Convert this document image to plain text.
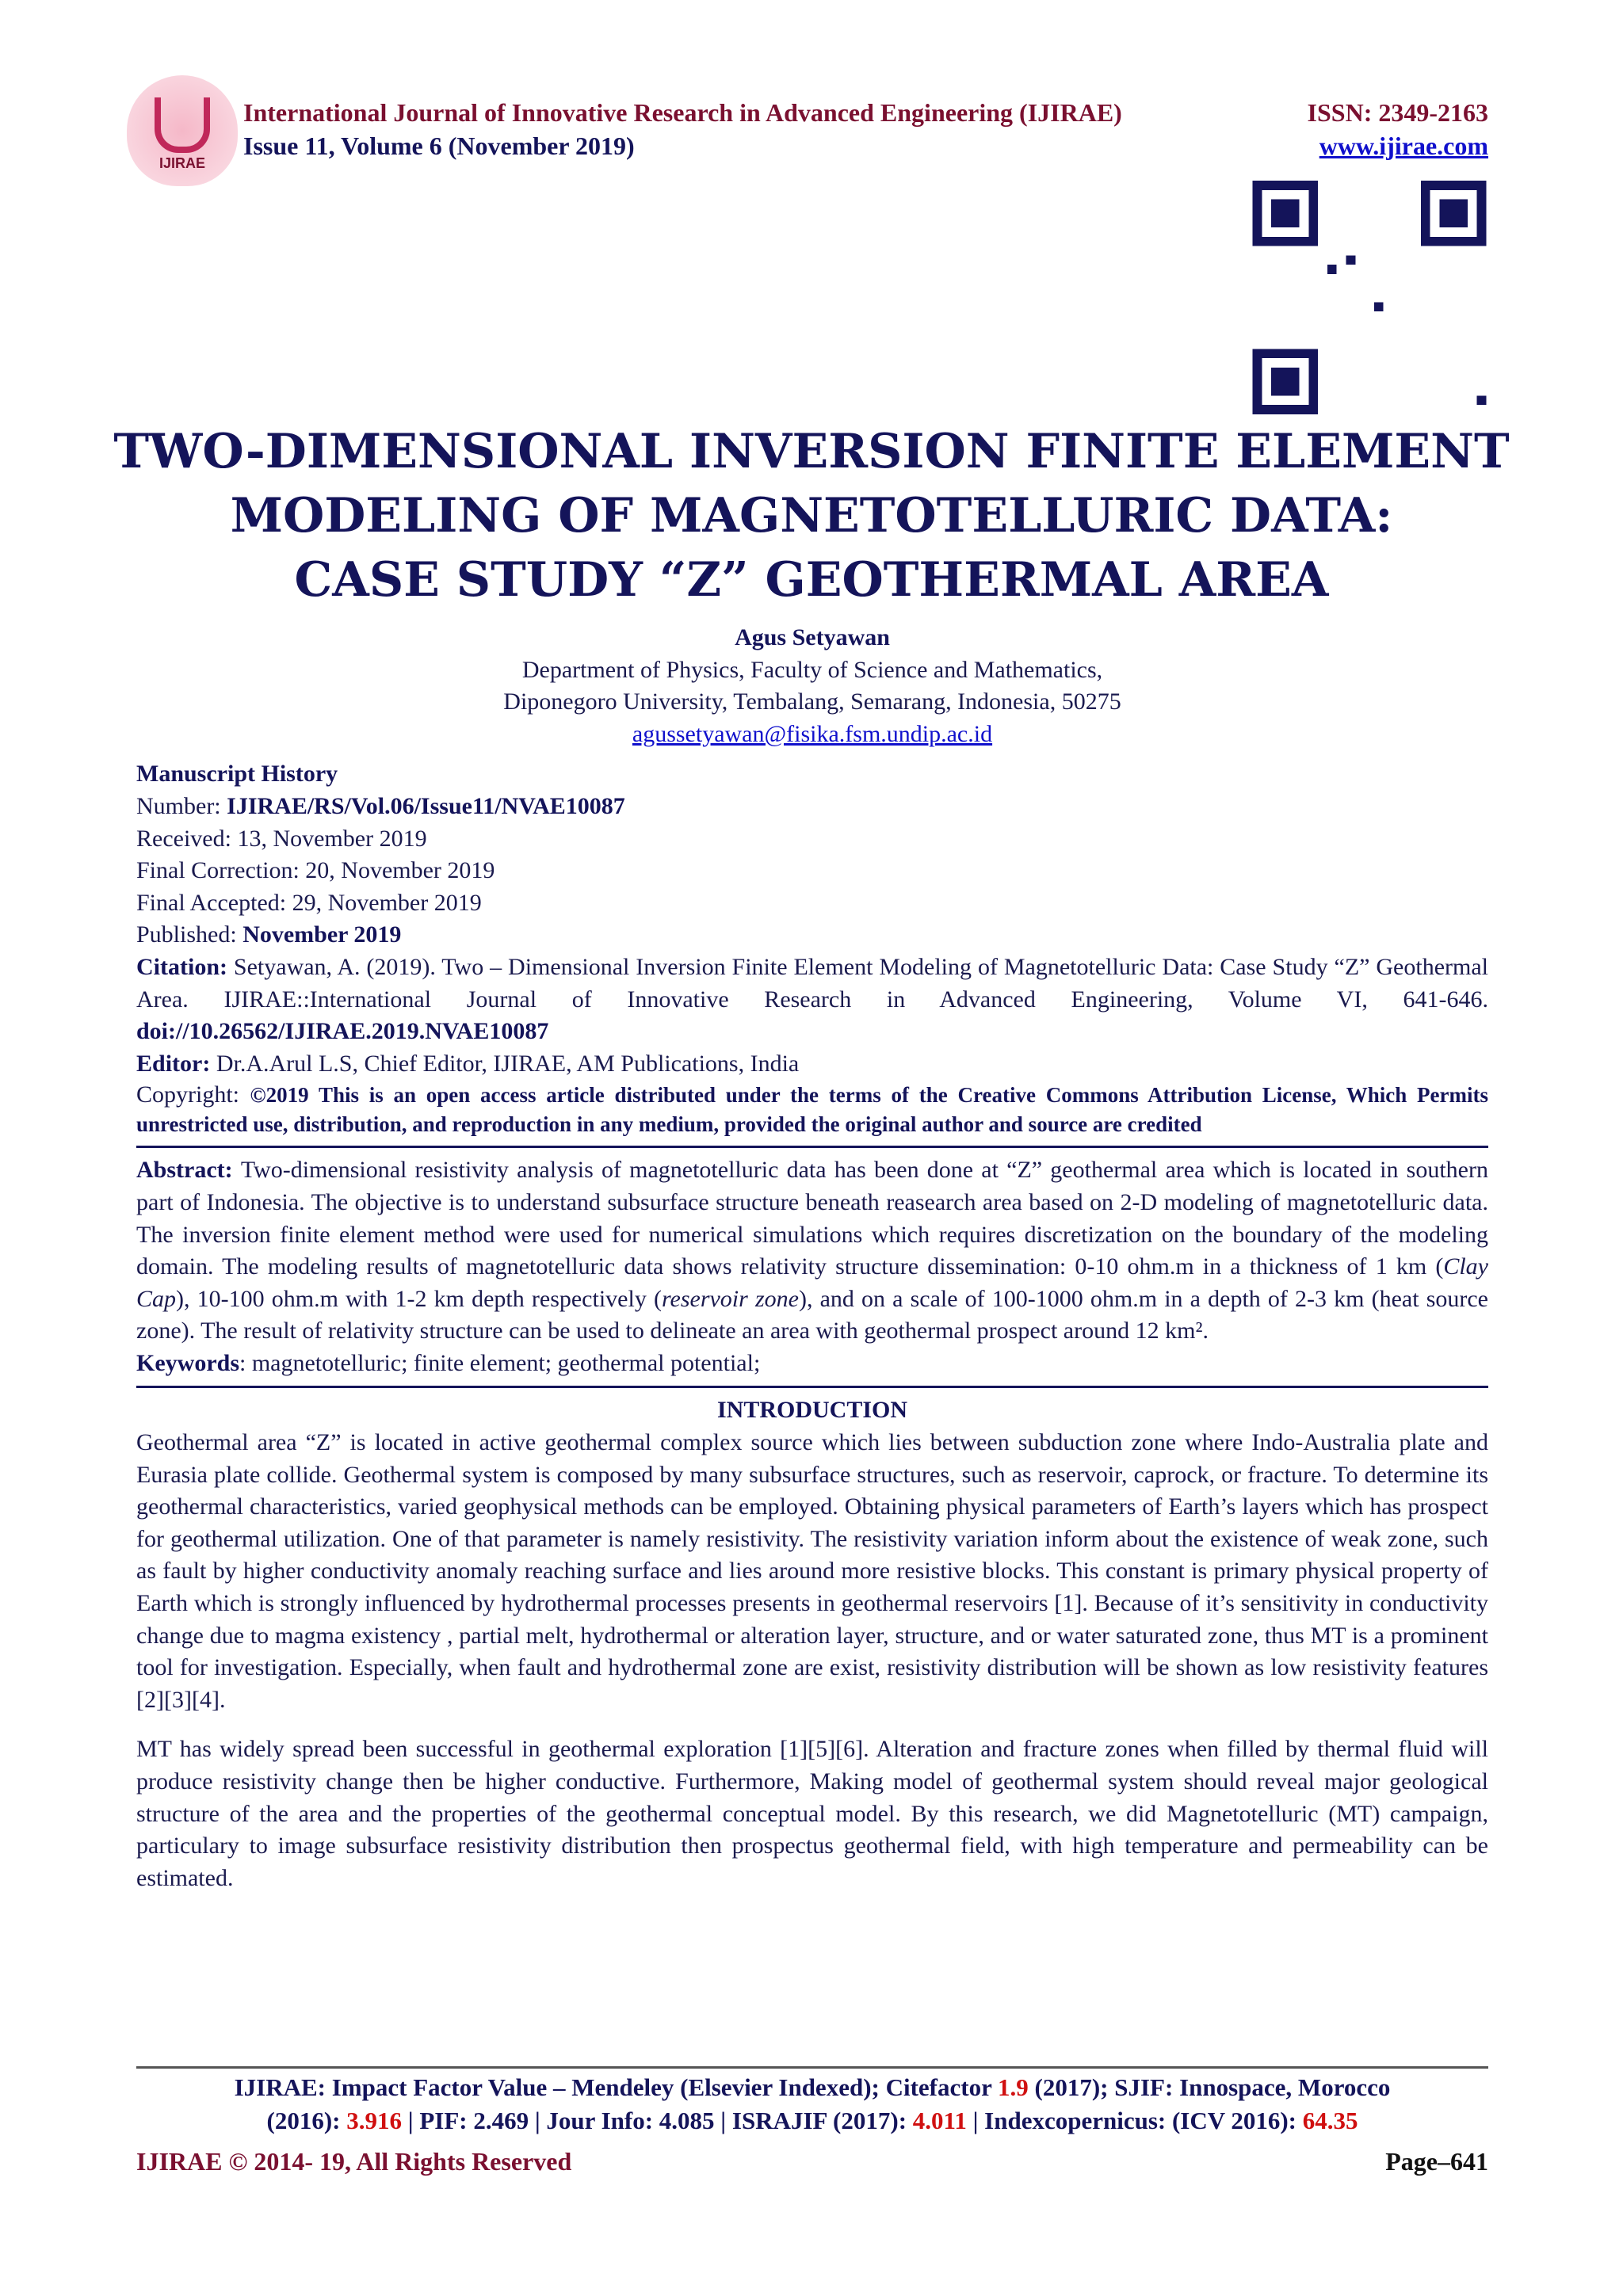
IJIRAE
International Journal of Innovative Research in Advanced Engineering (IJIRAE)	ISSN: 2349-2163
Issue 11, Volume 6 (November 2019)	www.ijirae.com
TWO-DIMENSIONAL INVERSION FINITE ELEMENT
MODELING OF MAGNETOTELLURIC DATA:
CASE STUDY “Z” GEOTHERMAL AREA
Agus Setyawan
Department of Physics, Faculty of Science and Mathematics,
Diponegoro University, Tembalang, Semarang, Indonesia, 50275
agussetyawan@fisika.fsm.undip.ac.id
Manuscript History
Number: IJIRAE/RS/Vol.06/Issue11/NVAE10087
Received: 13, November 2019
Final Correction: 20, November 2019
Final Accepted: 29, November 2019
Published: November 2019
Citation: Setyawan, A. (2019). Two – Dimensional Inversion Finite Element Modeling of Magnetotelluric Data: Case Study “Z” Geothermal Area. IJIRAE::International Journal of Innovative Research in Advanced Engineering, Volume VI, 641-646. doi://10.26562/IJIRAE.2019.NVAE10087
Editor: Dr.A.Arul L.S, Chief Editor, IJIRAE, AM Publications, India
Copyright: ©2019 This is an open access article distributed under the terms of the Creative Commons Attribution License, Which Permits unrestricted use, distribution, and reproduction in any medium, provided the original author and source are credited
Abstract: Two-dimensional resistivity analysis of magnetotelluric data has been done at “Z” geothermal area which is located in southern part of Indonesia. The objective is to understand subsurface structure beneath reasearch area based on 2-D modeling of magnetotelluric data. The inversion finite element method were used for numerical simulations which requires discretization on the boundary of the modeling domain. The modeling results of magnetotelluric data shows relativity structure dissemination: 0-10 ohm.m in a thickness of 1 km (Clay Cap), 10-100 ohm.m with 1-2 km depth respectively (reservoir zone), and on a scale of 100-1000 ohm.m in a depth of 2-3 km (heat source zone). The result of relativity structure can be used to delineate an area with geothermal prospect around 12 km².
Keywords: magnetotelluric; finite element; geothermal potential;
INTRODUCTION
Geothermal area “Z” is located in active geothermal complex source which lies between subduction zone where Indo-Australia plate and Eurasia plate collide. Geothermal system is composed by many subsurface structures, such as reservoir, caprock, or fracture. To determine its geothermal characteristics, varied geophysical methods can be employed. Obtaining physical parameters of Earth’s layers which has prospect for geothermal utilization. One of that parameter is namely resistivity. The resistivity variation inform about the existence of weak zone, such as fault by higher conductivity anomaly reaching surface and lies around more resistive blocks. This constant is primary physical property of Earth which is strongly influenced by hydrothermal processes presents in geothermal reservoirs [1]. Because of it’s sensitivity in conductivity change due to magma existency , partial melt, hydrothermal or alteration layer, structure, and or water saturated zone, thus MT is a prominent tool for investigation. Especially, when fault and hydrothermal zone are exist, resistivity distribution will be shown as low resistivity features [2][3][4].
MT has widely spread been successful in geothermal exploration [1][5][6]. Alteration and fracture zones when filled by thermal fluid will produce resistivity change then be higher conductive. Furthermore, Making model of geothermal system should reveal major geological structure of the area and the properties of the geothermal conceptual model. By this research, we did Magnetotelluric (MT) campaign, particulary to image subsurface resistivity distribution then prospectus geothermal field, with high temperature and permeability can be estimated.
IJIRAE: Impact Factor Value – Mendeley (Elsevier Indexed); Citefactor 1.9 (2017); SJIF: Innospace, Morocco
(2016): 3.916 | PIF: 2.469 | Jour Info: 4.085 | ISRAJIF (2017): 4.011 | Indexcopernicus: (ICV 2016): 64.35
IJIRAE © 2014- 19, All Rights Reserved	Page–641
